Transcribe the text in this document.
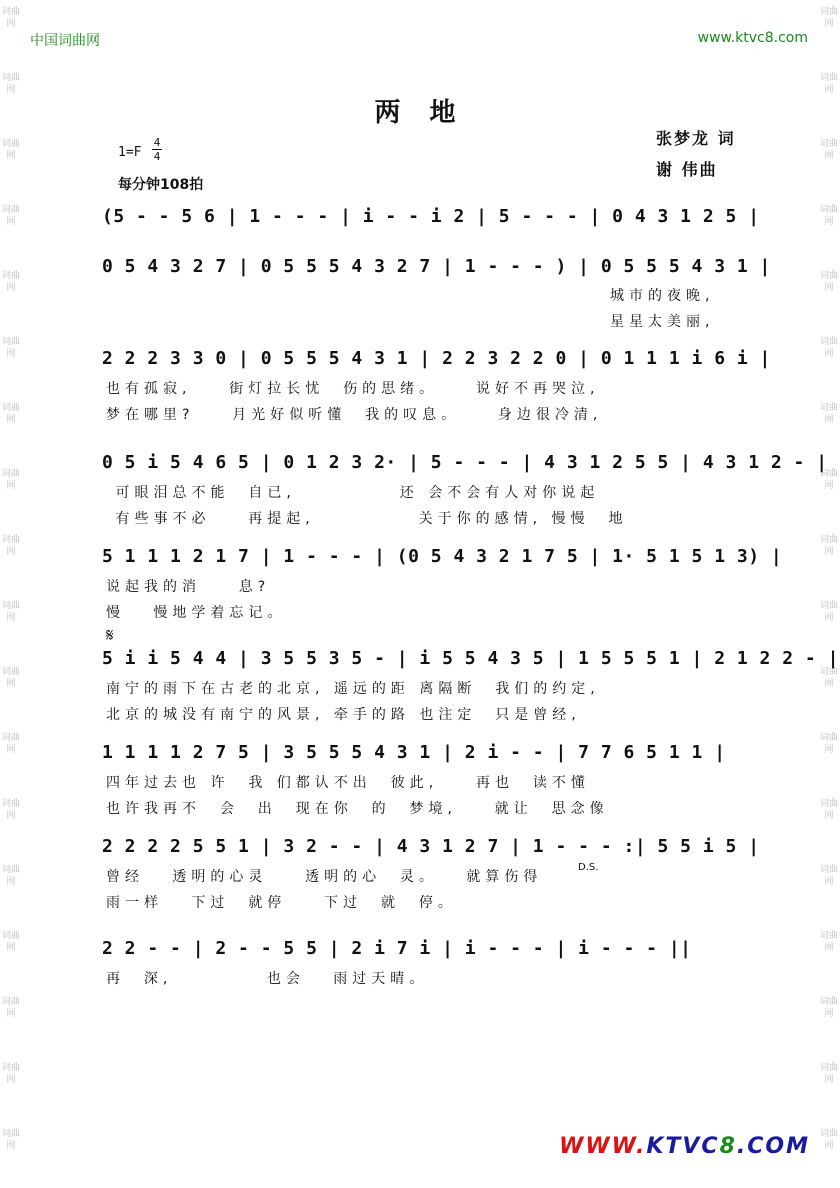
词曲网
词曲网
词曲网
词曲网
词曲网
词曲网
词曲网
词曲网
词曲网
词曲网
词曲网
词曲网
词曲网
词曲网
词曲网
词曲网
词曲网
词曲网
词曲网
词曲网
词曲网
词曲网
词曲网
词曲网
词曲网
词曲网
词曲网
词曲网
词曲网
词曲网
词曲网
词曲网
词曲网
词曲网
词曲网
词曲网
中国词曲网	www.ktvc8.com
两 地
张梦龙 词
谢 伟曲
1=F
4
4
每分钟108拍
(5 - - 5 6 | 1 - - - | i - - i 2 | 5 - - - | 0 4 3 1 2 5 |
0 5 4 3 2 7 | 0 5 5 5 4 3 2 7 | 1 - - - ) | 0 5 5 5 4 3 1 |
城市的夜晚,
星星太美丽,
2 2 2 3 3 0 | 0 5 5 5 4 3 1 | 2 2 3 2 2 0 | 0 1 1 1 i 6 i |
也有孤寂,    街灯拉长忧  伤的思绪。    说好不再哭泣,
梦在哪里?    月光好似听懂  我的叹息。    身边很冷清,
0 5 i 5 4 6 5 | 0 1 2 3 2· | 5 - - - | 4 3 1 2 5 5 | 4 3 1 2 - |
可眼泪总不能  自已,           还 会不会有人对你说起
有些事不必    再提起,           关于你的感情, 慢慢  地
5 1 1 1 2 1 7 | 1 - - - | (0 5 4 3 2 1 7 5 | 1· 5 1 5 1 3) |
说起我的消    息?
慢   慢地学着忘记。
𝄋
5 i i 5 4 4 | 3 5 5 3 5 - | i 5 5 4 3 5 | 1 5 5 5 1 | 2 1 2 2 - |
南宁的雨下在古老的北京, 遥远的距 离隔断  我们的约定,
北京的城没有南宁的风景, 牵手的路 也注定  只是曾经,
1 1 1 1 2 7 5 | 3 5 5 5 4 3 1 | 2 i - - | 7 7 6 5 1 1 |
四年过去也 许  我 们都认不出  彼此,    再也  读不懂
也许我再不  会  出  现在你  的  梦境,    就让  思念像
2 2 2 2 5 5 1 | 3 2 - - | 4 3 1 2 7 | 1 - - - :| 5 5 i 5 |
曾经   透明的心灵    透明的心  灵。   就算伤得
雨一样   下过  就停    下过  就  停。
D.S.
2 2 - - | 2 - - 5 5 | 2 i 7 i | i - - - | i - - - ||
再  深,          也会   雨过天晴。
WWW.KTVC8.COM
